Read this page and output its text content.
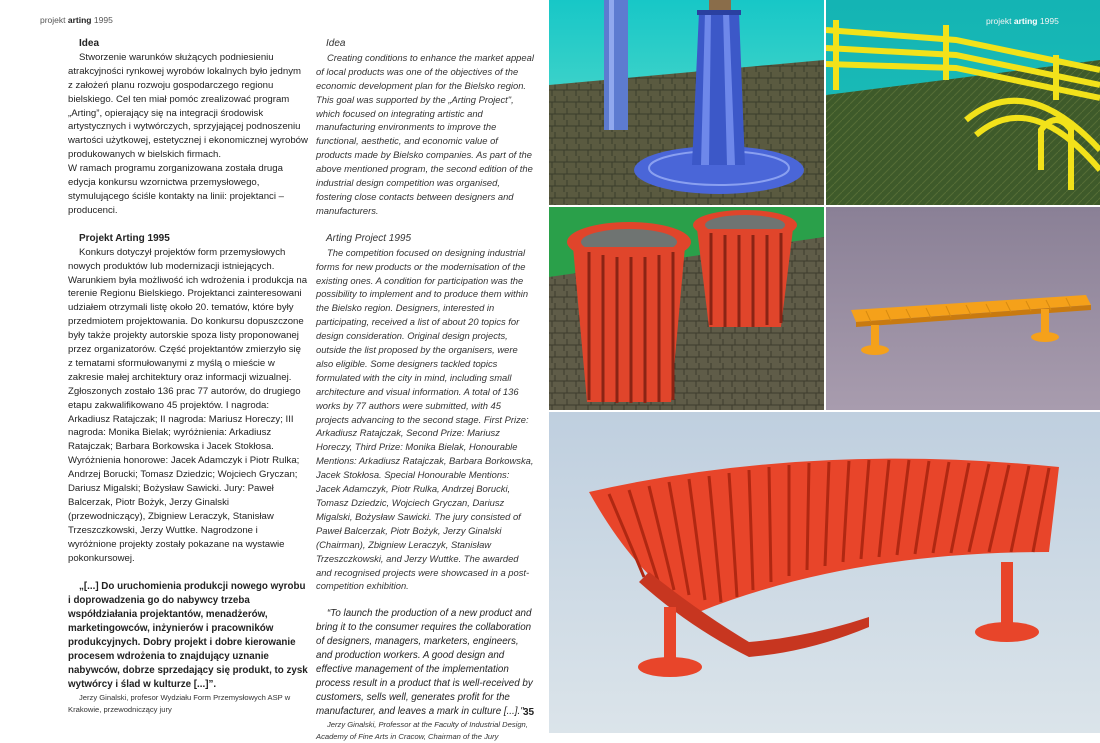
projekt arting 1995	projekt arting 1995
Idea

Stworzenie warunków służących podniesieniu atrakcyjności rynkowej wyrobów lokalnych było jednym z założeń planu rozwoju gospodarczego regionu bielskiego. Cel ten miał pomóc zrealizować program „Arting”, opierający się na integracji środowisk artystycznych i wytwórczych, sprzyjającej podnoszeniu wartości użytkowej, estetycznej i ekonomicznej wyrobów produkowanych w bielskich firmach.

W ramach programu zorganizowana została druga edycja konkursu wzornictwa przemysłowego, stymulującego ściśle kontakty na linii: projektanci – producenci.

Projekt Arting 1995

Konkurs dotyczył projektów form przemysłowych nowych produktów lub modernizacji istniejących. Warunkiem była możliwość ich wdrożenia i produkcja na terenie Regionu Bielskiego. Projektanci zainteresowani udziałem otrzymali listę około 20. tematów, które były przedmiotem projektowania. Do konkursu dopuszczone były także projekty autorskie spoza listy proponowanej przez organizatorów. Część projektantów zmierzyło się z tematami sformułowanymi z myślą o mieście w zakresie małej architektury oraz informacji wizualnej. Zgłoszonych zostało 136 prac 77 autorów, do drugiego etapu zakwalifikowano 45 projektów. I nagroda: Arkadiusz Ratajczak; II nagroda: Mariusz Horeczy; III nagroda: Monika Bielak; wyróżnienia: Arkadiusz Ratajczak; Barbara Borkowska i Jacek Stokłosa. Wyróżnienia honorowe: Jacek Adamczyk i Piotr Rulka; Andrzej Borucki; Tomasz Dziedzic; Wojciech Gryczan; Dariusz Migalski; Bożysław Sawicki. Jury: Paweł Balcerzak, Piotr Bożyk, Jerzy Ginalski (przewodniczący), Zbigniew Leraczyk, Stanisław Trzeszczkowski, Jerzy Wuttke. Nagrodzone i wyróżnione projekty zostały pokazane na wystawie pokonkursowej.

„[...] Do uruchomienia produkcji nowego wyrobu i doprowadzenia go do nabywcy trzeba współdziałania projektantów, menadżerów, marketingowców, inżynierów i pracowników produkcyjnych. Dobry projekt i dobre kierowanie procesem wdrożenia to znajdujący uznanie nabywców, dobrze sprzedający się produkt, to zysk wytwórcy i ślad w kulturze [...]”.

Jerzy Ginalski, profesor Wydziału Form Przemysłowych ASP w Krakowie, przewodniczący jury

Idea

Creating conditions to enhance the market appeal of local products was one of the objectives of the economic development plan for the Bielsko region. This goal was supported by the „Arting Project", which focused on integrating artistic and manufacturing environments to improve the functional, aesthetic, and economic value of products made by Bielsko companies. As part of the above mentioned program, the second edition of the industrial design competition was organised, fostering close contacts between designers and manufacturers.

Arting Project 1995

The competition focused on designing industrial forms for new products or the modernisation of the existing ones. A condition for participation was the possibility to implement and to produce them within the Bielsko region. Designers, interested in participating, received a list of about 20 topics for design consideration. Original design projects, outside the list proposed by the organisers, were also eligible. Some designers tackled topics formulated with the city in mind, including small architecture and visual information. A total of 136 works by 77 authors were submitted, with 45 projects advancing to the second stage. First Prize: Arkadiusz Ratajczak, Second Prize: Mariusz Horeczy, Third Prize: Monika Bielak, Honourable Mentions: Arkadiusz Ratajczak, Barbara Borkowska, Jacek Stokłosa. Special Honourable Mentions: Jacek Adamczyk, Piotr Rulka, Andrzej Borucki, Tomasz Dziedzic, Wojciech Gryczan, Dariusz Migalski, Bożysław Sawicki. The jury consisted of Paweł Balcerzak, Piotr Bożyk, Jerzy Ginalski (Chairman), Zbigniew Leraczyk, Stanisław Trzeszczkowski, and Jerzy Wuttke. The awarded and recognised projects were showcased in a post-competition exhibition.

“To launch the production of a new product and bring it to the consumer requires the collaboration of designers, managers, marketers, engineers, and production workers. A good design and effective management of the implementation process result in a product that is well-received by customers, sells well, generates profit for the manufacturer, and leaves a mark in culture [...]."

Jerzy Ginalski, Professor at the Faculty of Industrial Design, Academy of Fine Arts in Cracow, Chairman of the Jury

35
